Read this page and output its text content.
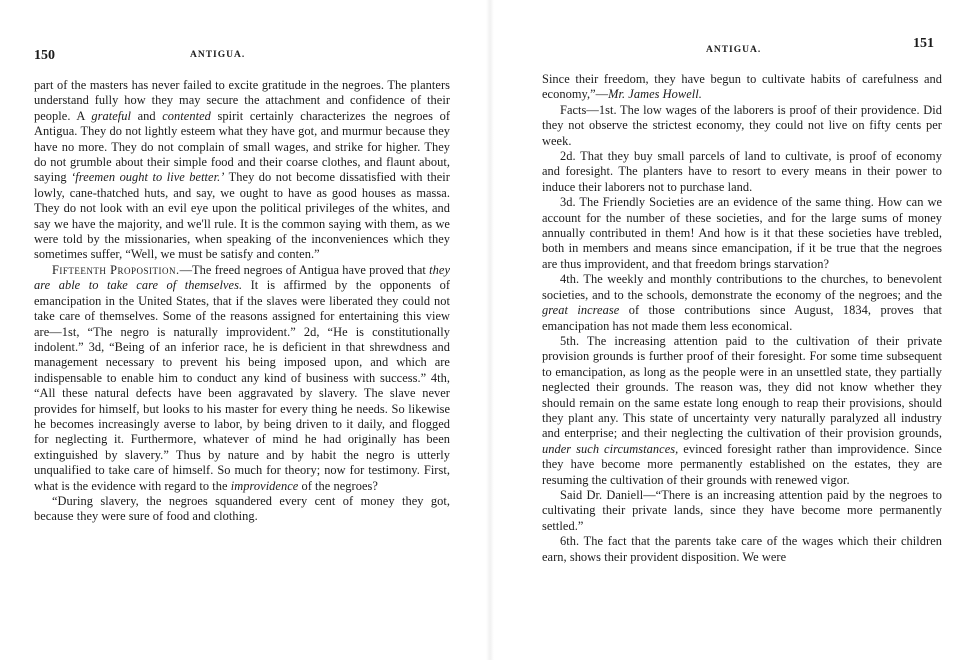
150	ANTIGUA.

part of the masters has never failed to excite gratitude in the negroes. The planters understand fully how they may secure the attachment and confidence of their people. A grateful and contented spirit certainly characterizes the negroes of Antigua. They do not lightly esteem what they have got, and murmur because they have no more. They do not complain of small wages, and strike for higher. They do not grumble about their simple food and their coarse clothes, and flaunt about, saying ‘freemen ought to live better.’ They do not become dissatisfied with their lowly, cane-thatched huts, and say, we ought to have as good houses as massa. They do not look with an evil eye upon the political privileges of the whites, and say we have the majority, and we'll rule. It is the common saying with them, as we were told by the missionaries, when speaking of the inconveniences which they sometimes suffer, “Well, we must be satisfy and conten.”

Fifteenth Proposition.—The freed negroes of Antigua have proved that they are able to take care of themselves. It is affirmed by the opponents of emancipation in the United States, that if the slaves were liberated they could not take care of themselves. Some of the reasons assigned for entertaining this view are—1st, “The negro is naturally improvident.” 2d, “He is constitutionally indolent.” 3d, “Being of an inferior race, he is deficient in that shrewdness and management necessary to prevent his being imposed upon, and which are indispensable to enable him to conduct any kind of business with success.” 4th, “All these natural defects have been aggravated by slavery. The slave never provides for himself, but looks to his master for every thing he needs. So likewise he becomes increasingly averse to labor, by being driven to it daily, and flogged for neglecting it. Furthermore, whatever of mind he had originally has been extinguished by slavery.” Thus by nature and by habit the negro is utterly unqualified to take care of himself. So much for theory; now for testimony. First, what is the evidence with regard to the improvidence of the negroes?

“During slavery, the negroes squandered every cent of money they got, because they were sure of food and clothing.

ANTIGUA.	151

Since their freedom, they have begun to cultivate habits of carefulness and economy,”—Mr. James Howell.

Facts—1st. The low wages of the laborers is proof of their providence. Did they not observe the strictest economy, they could not live on fifty cents per week.

2d. That they buy small parcels of land to cultivate, is proof of economy and foresight. The planters have to resort to every means in their power to induce their laborers not to purchase land.

3d. The Friendly Societies are an evidence of the same thing. How can we account for the number of these societies, and for the large sums of money annually contributed in them! And how is it that these societies have trebled, both in members and means since emancipation, if it be true that the negroes are thus improvident, and that freedom brings starvation?

4th. The weekly and monthly contributions to the churches, to benevolent societies, and to the schools, demonstrate the economy of the negroes; and the great increase of those contributions since August, 1834, proves that emancipation has not made them less economical.

5th. The increasing attention paid to the cultivation of their private provision grounds is further proof of their foresight. For some time subsequent to emancipation, as long as the people were in an unsettled state, they partially neglected their grounds. The reason was, they did not know whether they should remain on the same estate long enough to reap their provisions, should they plant any. This state of uncertainty very naturally paralyzed all industry and enterprise; and their neglecting the cultivation of their provision grounds, under such circumstances, evinced foresight rather than improvidence. Since they have become more permanently established on the estates, they are resuming the cultivation of their grounds with renewed vigor.

Said Dr. Daniell—“There is an increasing attention paid by the negroes to cultivating their private lands, since they have become more permanently settled.”

6th. The fact that the parents take care of the wages which their children earn, shows their provident disposition. We were
